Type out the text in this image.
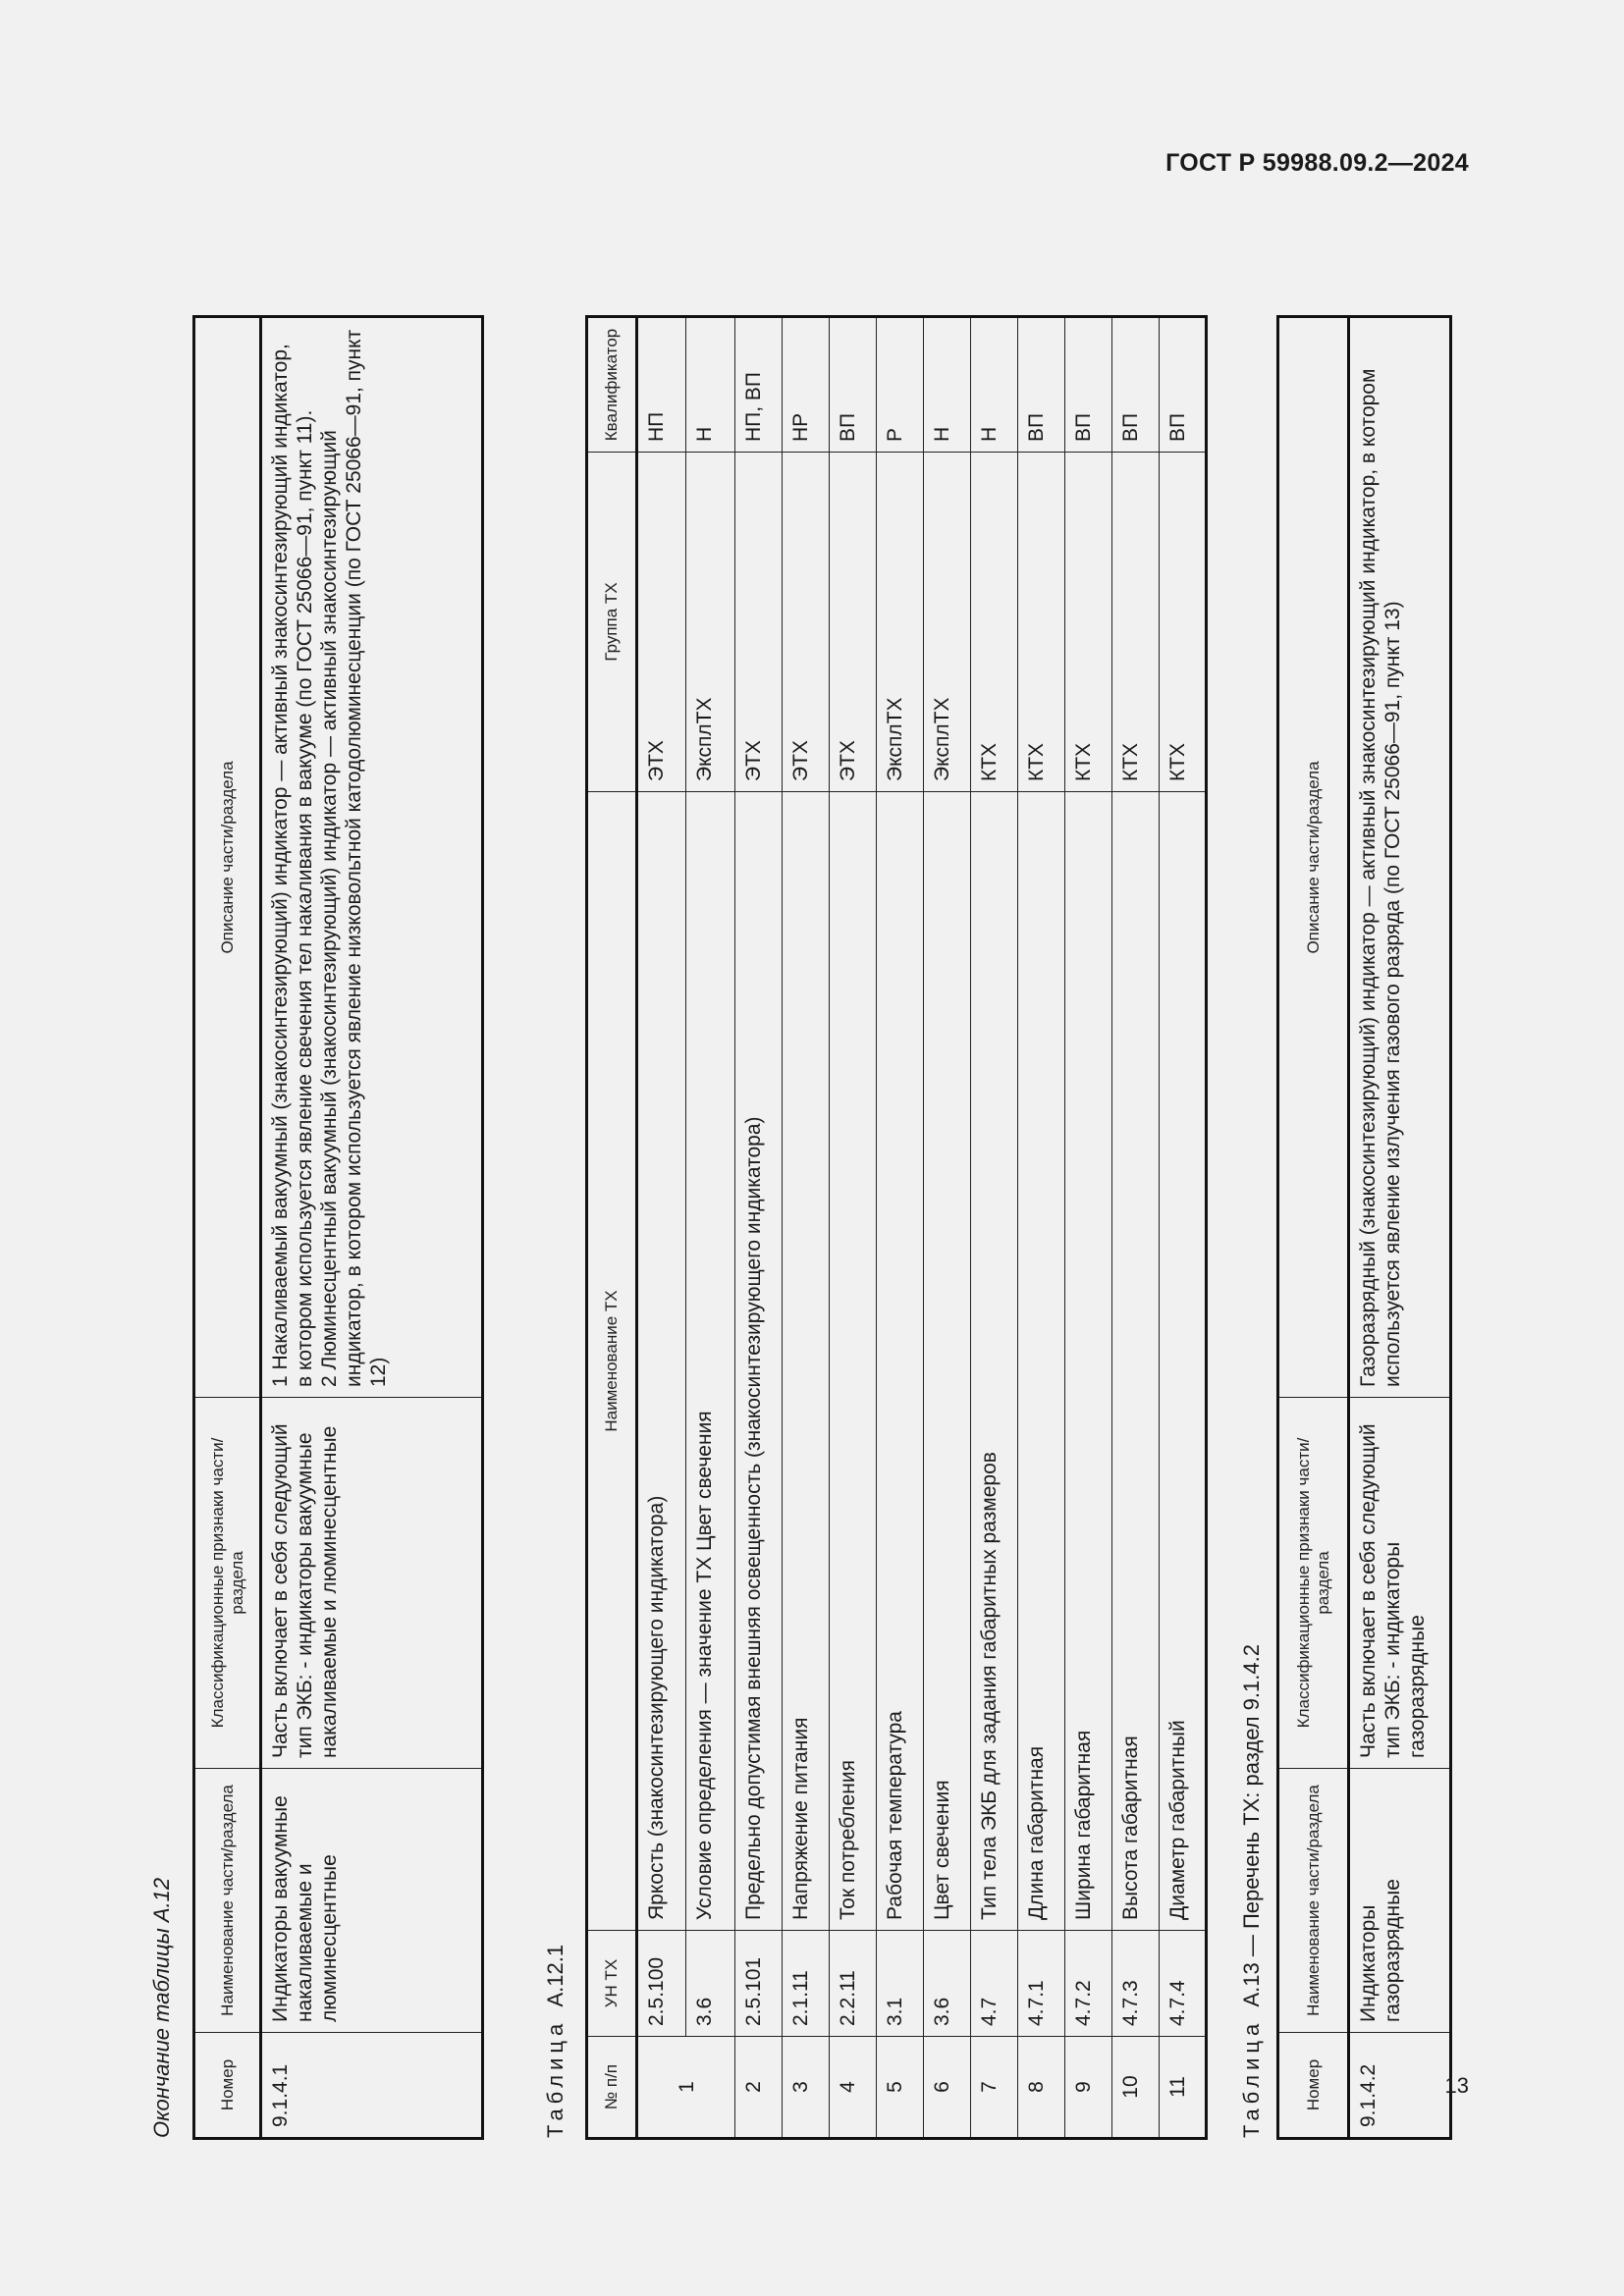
ГОСТ Р 59988.09.2—2024
Окончание таблицы А.12	Номер	Наименование части/раздела	Классификационные признаки части/раздела	Описание части/раздела
9.1.4.1	Индикаторы вакуумные накаливаемые и люминесцентные	Часть включает в себя следующий тип ЭКБ: - индикаторы вакуумные накаливаемые и люминесцентные	1 Накаливаемый вакуумный (знакосинтезирующий) индикатор — активный знакосинтезирующий индикатор, в котором используется явление свечения тел накаливания в вакууме (по ГОСТ 25066—91, пункт 11). 2 Люминесцентный вакуумный (знакосинтезирующий) индикатор — активный знакосинтезирующий индикатор, в котором используется явление низковольтной катодолюминесценции (по ГОСТ 25066—91, пункт 12)
Таблица  А.12.1
№ п/п	УН ТХ	Наименование ТХ	Группа ТХ	Квалификатор
1	2.5.100	Яркость (знакосинтезирующего индикатора)	ЭТХ	НП
	3.6	Условие определения — значение ТХ Цвет свечения	ЭксплТХ	Н
2	2.5.101	Предельно допустимая внешняя освещенность (знакосинтезирующего индикатора)	ЭТХ	НП, ВП
3	2.1.11	Напряжение питания	ЭТХ	НР
4	2.2.11	Ток потребления	ЭТХ	ВП
5	3.1	Рабочая температура	ЭксплТХ	Р
6	3.6	Цвет свечения	ЭксплТХ	Н
7	4.7	Тип тела ЭКБ для задания габаритных размеров	КТХ	Н
8	4.7.1	Длина габаритная	КТХ	ВП
9	4.7.2	Ширина габаритная	КТХ	ВП
10	4.7.3	Высота габаритная	КТХ	ВП
11	4.7.4	Диаметр габаритный	КТХ	ВП
Таблица  А.13 — Перечень ТХ: раздел 9.1.4.2
Номер	Наименование части/раздела	Классификационные признаки части/раздела	Описание части/раздела
9.1.4.2	Индикаторы газоразрядные	Часть включает в себя следующий тип ЭКБ: - индикаторы газоразрядные	Газоразрядный (знакосинтезирующий) индикатор — активный знакосинтезирующий индикатор, в котором используется явление излучения газового разряда (по ГОСТ 25066—91, пункт 13)
13
